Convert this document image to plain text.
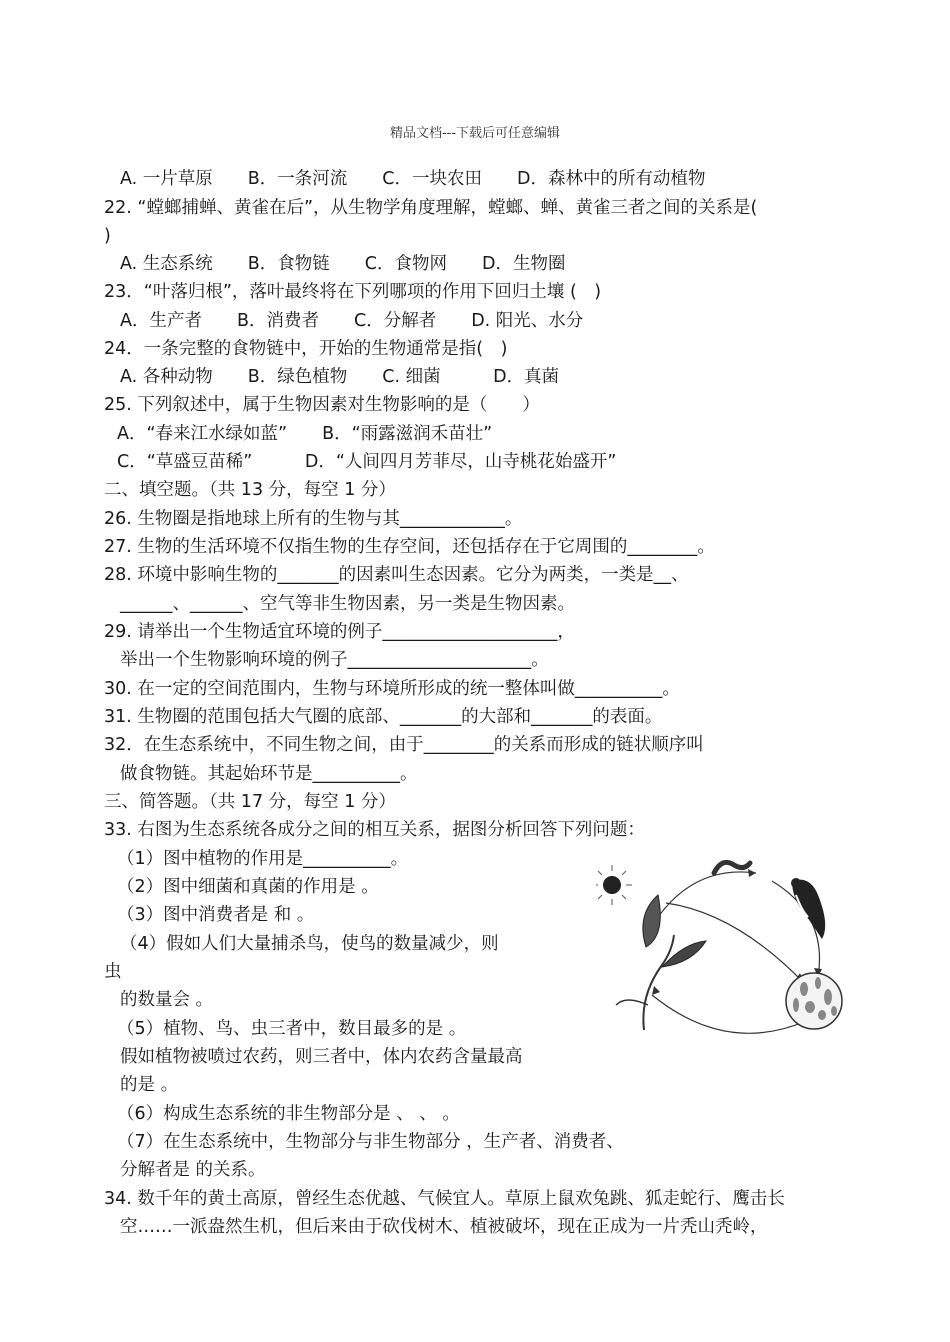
精品文档---下载后可任意编辑
A. 一片草原　　B．一条河流　　C．一块农田　　D．森林中的所有动植物
22. “螳螂捕蝉、黄雀在后”，从生物学角度理解，螳螂、蝉、黄雀三者之间的关系是(
)
A. 生态系统　　B．食物链　　C．食物网　　D．生物圈
23．“叶落归根”，落叶最终将在下列哪项的作用下回归土壤 (　)
A．生产者　　B．消费者　　C．分解者　　D. 阳光、水分
24．一条完整的食物链中，开始的生物通常是指(　)
A. 各种动物　　B．绿色植物　　C. 细菌　　　D．真菌
25. 下列叙述中，属于生物因素对生物影响的是（　　）
A．“春来江水绿如蓝”　　B．“雨露滋润禾苗壮”
C．“草盛豆苗稀”　　　D．“人间四月芳菲尽，山寺桃花始盛开”
二、填空题。（共 13 分，每空 1 分）
26. 生物圈是指地球上所有的生物与其____________。
27. 生物的生活环境不仅指生物的生存空间，还包括存在于它周围的________。
28. 环境中影响生物的_______的因素叫生态因素。它分为两类，一类是__、
______、______、空气等非生物因素，另一类是生物因素。
29. 请举出一个生物适宜环境的例子____________________，
举出一个生物影响环境的例子_____________________。
30. 在一定的空间范围内，生物与环境所形成的统一整体叫做__________。
31. 生物圈的范围包括大气圈的底部、_______的大部和_______的表面。
32．在生态系统中，不同生物之间，由于________的关系而形成的链状顺序叫
做食物链。其起始环节是__________。
三、简答题。（共 17 分，每空 1 分）
33. 右图为生态系统各成分之间的相互关系，据图分析回答下列问题：
（1）图中植物的作用是__________。
（2）图中细菌和真菌的作用是 。
（3）图中消费者是 和 。
（4）假如人们大量捕杀鸟，使鸟的数量减少，则
虫
的数量会 。
（5）植物、鸟、虫三者中，数目最多的是 。
假如植物被喷过农药，则三者中，体内农药含量最高
的是 。
（6）构成生态系统的非生物部分是 、 、 。
（7）在生态系统中，生物部分与非生物部分 ，生产者、消费者、
分解者是 的关系。
34. 数千年的黄土高原，曾经生态优越、气候宜人。草原上鼠欢兔跳、狐走蛇行、鹰击长
空……一派盎然生机，但后来由于砍伐树木、植被破坏，现在正成为一片秃山秃岭，
